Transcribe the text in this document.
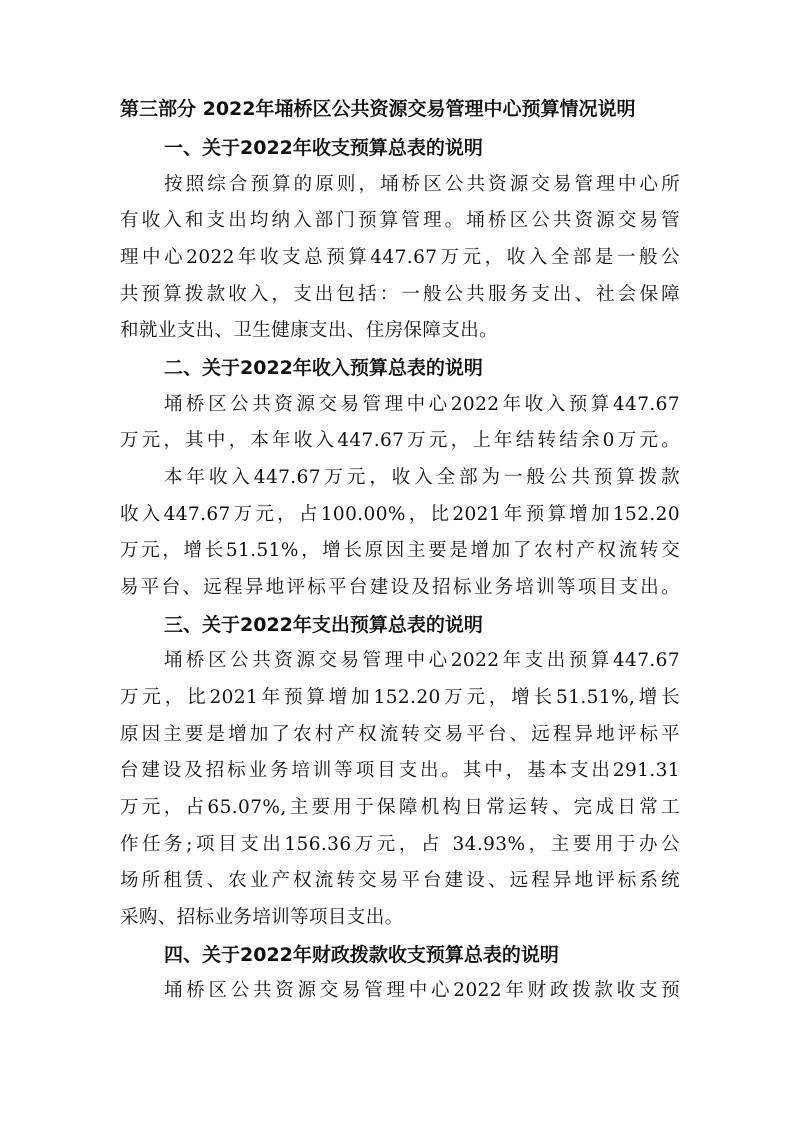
第三部分 2022年埇桥区公共资源交易管理中心预算情况说明
一、关于2022年收支预算总表的说明
按照综合预算的原则，埇桥区公共资源交易管理中心所
有收入和支出均纳入部门预算管理。埇桥区公共资源交易管
理中心2022年收支总预算447.67万元，收入全部是一般公
共预算拨款收入，支出包括：一般公共服务支出、社会保障
和就业支出、卫生健康支出、住房保障支出。
二、关于2022年收入预算总表的说明
埇桥区公共资源交易管理中心2022年收入预算447.67
万元，其中，本年收入447.67万元，上年结转结余0万元。
本年收入447.67万元，收入全部为一般公共预算拨款
收入447.67万元，占100.00%，比2021年预算增加152.20
万元，增长51.51%，增长原因主要是增加了农村产权流转交
易平台、远程异地评标平台建设及招标业务培训等项目支出。
三、关于2022年支出预算总表的说明
埇桥区公共资源交易管理中心2022年支出预算447.67
万元，比2021年预算增加152.20万元，增长51.51%,增长
原因主要是增加了农村产权流转交易平台、远程异地评标平
台建设及招标业务培训等项目支出。其中，基本支出291.31
万元，占65.07%,主要用于保障机构日常运转、完成日常工
作任务;项目支出156.36万元，占 34.93%，主要用于办公
场所租赁、农业产权流转交易平台建设、远程异地评标系统
采购、招标业务培训等项目支出。
四、关于2022年财政拨款收支预算总表的说明
埇桥区公共资源交易管理中心2022年财政拨款收支预
